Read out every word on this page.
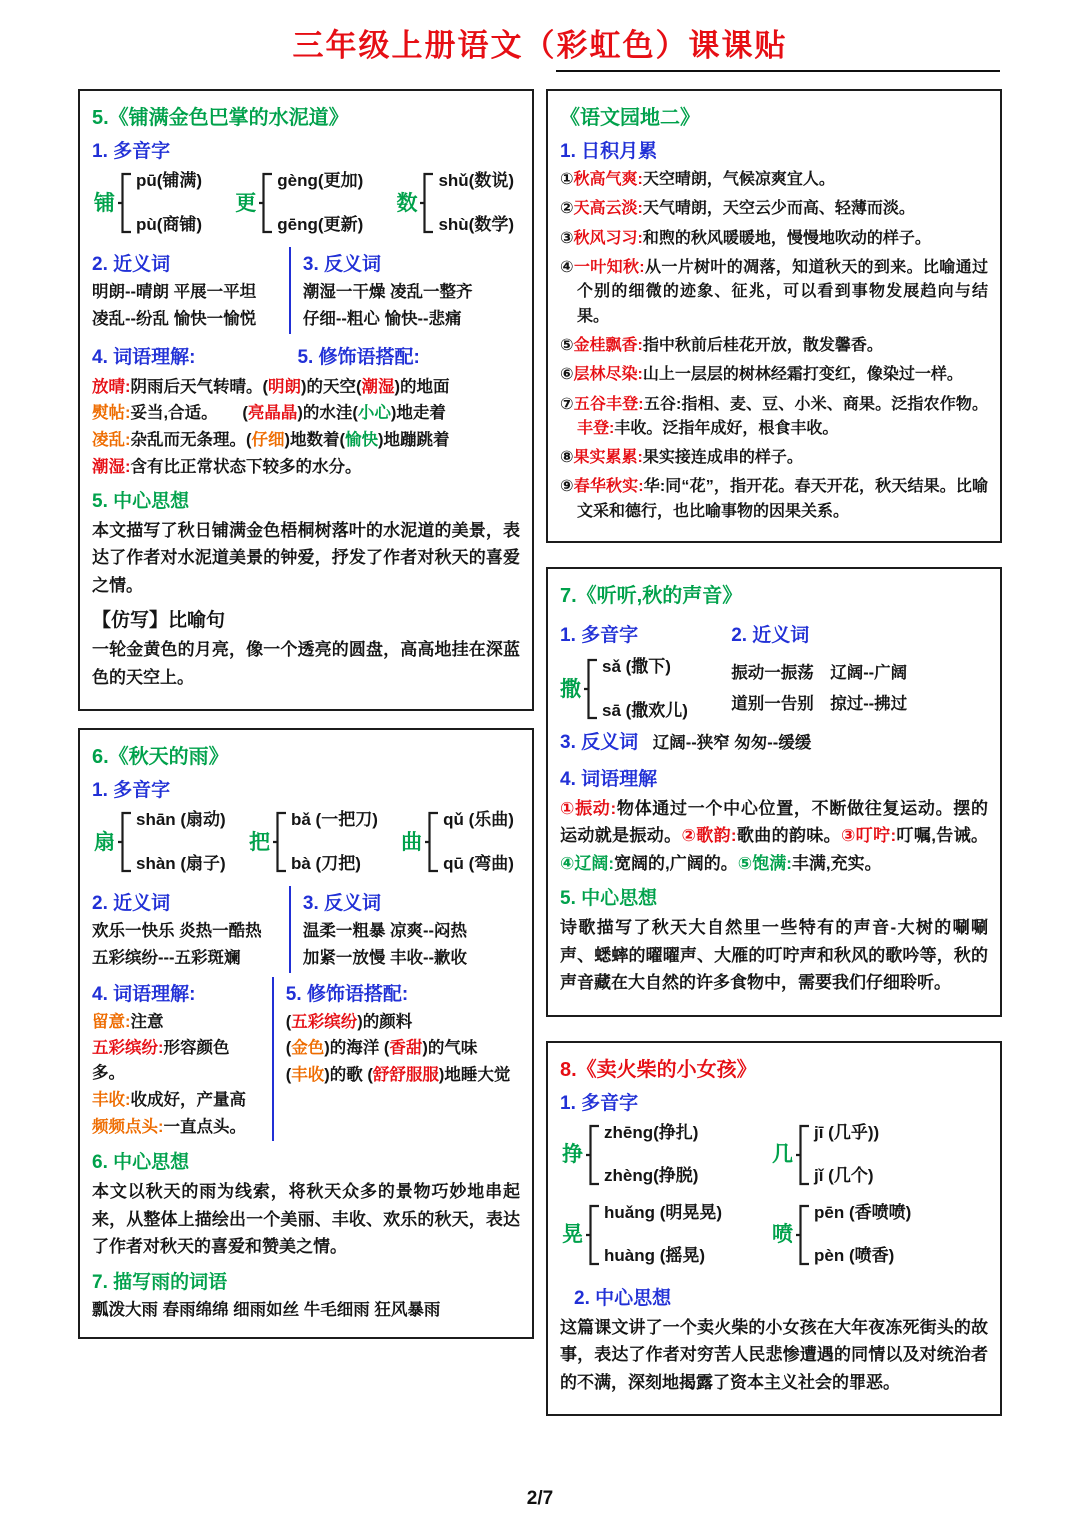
三年级上册语文（彩虹色）课课贴
5.《铺满金色巴掌的水泥道》
1. 多音字
铺
pū(铺满)
pù(商铺)
更
gèng(更加)
gēng(更新)
数
shǔ(数说)
shù(数学)
2. 近义词

明朗--晴朗 平展一平坦

凌乱--纷乱 愉快一愉悦

3. 反义词

潮湿一干燥 凌乱一整齐

仔细--粗心 愉快--悲痛

4. 词语理解:	5. 修饰语搭配:

放晴:阴雨后天气转晴。(明朗)的天空(潮湿)的地面

熨帖:妥当,合适。　　(亮晶晶)的水洼(小心)地走着

凌乱:杂乱而无条理。(仔细)地数着(愉快)地蹦跳着

潮湿:含有比正常状态下较多的水分。

5. 中心思想

本文描写了秋日铺满金色梧桐树落叶的水泥道的美景，表达了作者对水泥道美景的钟爱，抒发了作者对秋天的喜爱之情。

【仿写】比喻句

一轮金黄色的月亮，像一个透亮的圆盘，高高地挂在深蓝色的天空上。

6.《秋天的雨》
1. 多音字
扇
shān (扇动)
shàn (扇子)
把
bǎ (一把刀)
bà (刀把)
曲
qǔ (乐曲)
qū (弯曲)
2. 近义词

欢乐一快乐 炎热一酷热

五彩缤纷---五彩斑斓

3. 反义词

温柔一粗暴 凉爽--闷热

加紧一放慢 丰收--歉收

4. 词语理解:

留意:注意

五彩缤纷:形容颜色多。

丰收:收成好，产量高

频频点头:一直点头。

5. 修饰语搭配:

(五彩缤纷)的颜料

(金色)的海洋 (香甜)的气味

(丰收)的歌 (舒舒服服)地睡大觉

6. 中心思想

本文以秋天的雨为线索，将秋天众多的景物巧妙地串起来，从整体上描绘出一个美丽、丰收、欢乐的秋天，表达了作者对秋天的喜爱和赞美之情。

7. 描写雨的词语

瓢泼大雨 春雨绵绵 细雨如丝 牛毛细雨 狂风暴雨

《语文园地二》
1. 日积月累

①秋高气爽:天空晴朗，气候凉爽宜人。

②天高云淡:天气晴朗，天空云少而高、轻薄而淡。

③秋风习习:和煦的秋风暖暖地，慢慢地吹动的样子。

④一叶知秋:从一片树叶的凋落，知道秋天的到来。比喻通过个别的细微的迹象、征兆，可以看到事物发展趋向与结果。

⑤金桂飘香:指中秋前后桂花开放，散发馨香。

⑥层林尽染:山上一层层的树林经霜打变红，像染过一样。

⑦五谷丰登:五谷:指相、麦、豆、小米、商果。泛指农作物。丰登:丰收。泛指年成好，根食丰收。

⑧果实累累:果实接连成串的样子。

⑨春华秋实:华:同“花”，指开花。春天开花，秋天结果。比喻文采和德行，也比喻事物的因果关系。

7.《听听,秋的声音》
1. 多音字	2. 近义词
撒
sǎ (撒下)
sā (撒欢儿)

振动一振荡　辽阔--广阔

道别一告别　掠过--拂过

3. 反义词 辽阔--狭窄 匆匆--缓缓

4. 词语理解

①振动:物体通过一个中心位置，不断做往复运动。摆的运动就是振动。②歌韵:歌曲的韵味。③叮咛:叮嘱,告诫。④辽阔:宽阔的,广阔的。⑤饱满:丰满,充实。

5. 中心思想

诗歌描写了秋天大自然里一些特有的声音-大树的唰唰声、蟋蟀的曜曜声、大雁的叮咛声和秋风的歌吟等，秋的声音藏在大自然的许多食物中，需要我们仔细聆听。

8.《卖火柴的小女孩》
1. 多音字
挣
zhēng(挣扎)
zhèng(挣脱)
几
jī (几乎))
jǐ (几个)
晃
huǎng (明晃晃)
huàng (摇晃)
喷
pēn (香喷喷)
pèn (喷香)
2. 中心思想

这篇课文讲了一个卖火柴的小女孩在大年夜冻死街头的故事，表达了作者对穷苦人民悲惨遭遇的同情以及对统治者的不满，深刻地揭露了资本主义社会的罪恶。

2/7
